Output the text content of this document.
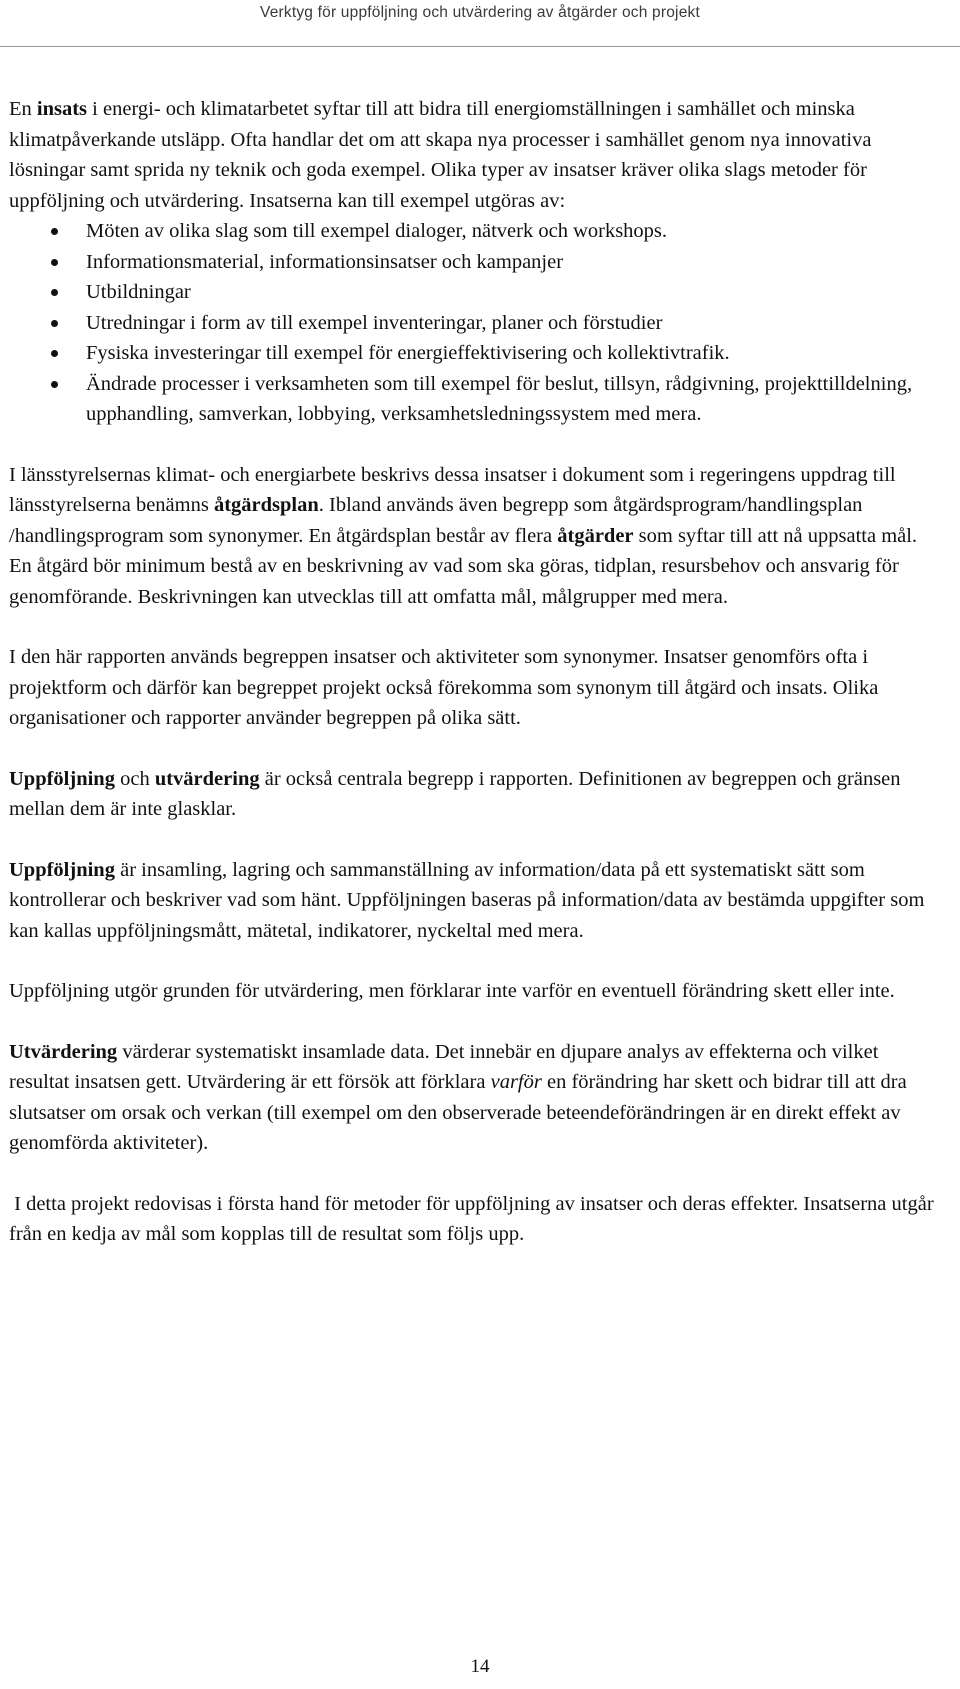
Verktyg för uppföljning och utvärdering av åtgärder och projekt

En insats i energi- och klimatarbetet syftar till att bidra till energiomställningen i samhället och minska klimatpåverkande utsläpp. Ofta handlar det om att skapa nya processer i samhället genom nya innovativa lösningar samt sprida ny teknik och goda exempel. Olika typer av insatser kräver olika slags metoder för uppföljning och utvärdering. Insatserna kan till exempel utgöras av:

Möten av olika slag som till exempel dialoger, nätverk och workshops.
Informationsmaterial, informationsinsatser och kampanjer
Utbildningar
Utredningar i form av till exempel inventeringar, planer och förstudier
Fysiska investeringar till exempel för energieffektivisering och kollektivtrafik.
Ändrade processer i verksamheten som till exempel för beslut, tillsyn, rådgivning, projekttilldelning, upphandling, samverkan, lobbying, verksamhetsledningssystem med mera.

I länsstyrelsernas klimat- och energiarbete beskrivs dessa insatser i dokument som i regeringens uppdrag till länsstyrelserna benämns åtgärdsplan. Ibland används även begrepp som åtgärdsprogram/handlingsplan /handlingsprogram som synonymer. En åtgärdsplan består av flera åtgärder som syftar till att nå uppsatta mål. En åtgärd bör minimum bestå av en beskrivning av vad som ska göras, tidplan, resursbehov och ansvarig för genomförande. Beskrivningen kan utvecklas till att omfatta mål, målgrupper med mera.

I den här rapporten används begreppen insatser och aktiviteter som synonymer. Insatser genomförs ofta i projektform och därför kan begreppet projekt också förekomma som synonym till åtgärd och insats. Olika organisationer och rapporter använder begreppen på olika sätt.

Uppföljning och utvärdering är också centrala begrepp i rapporten. Definitionen av begreppen och gränsen mellan dem är inte glasklar.

Uppföljning är insamling, lagring och sammanställning av information/data på ett systematiskt sätt som kontrollerar och beskriver vad som hänt. Uppföljningen baseras på information/data av bestämda uppgifter som kan kallas uppföljningsmått, mätetal, indikatorer, nyckeltal med mera.

Uppföljning utgör grunden för utvärdering, men förklarar inte varför en eventuell förändring skett eller inte.

Utvärdering värderar systematiskt insamlade data. Det innebär en djupare analys av effekterna och vilket resultat insatsen gett. Utvärdering är ett försök att förklara varför en förändring har skett och bidrar till att dra slutsatser om orsak och verkan (till exempel om den observerade beteendeförändringen är en direkt effekt av genomförda aktiviteter).

I detta projekt redovisas i första hand för metoder för uppföljning av insatser och deras effekter. Insatserna utgår från en kedja av mål som kopplas till de resultat som följs upp.

14
